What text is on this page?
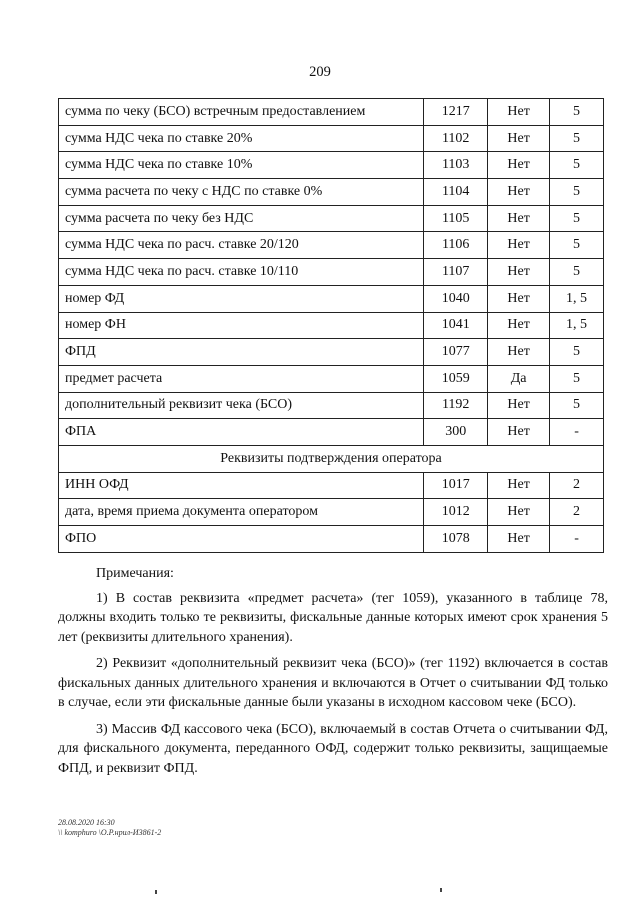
209
сумма по чеку (БСО) встречным предоставлением	1217	Нет	5
сумма НДС чека по ставке 20%	1102	Нет	5
сумма НДС чека по ставке 10%	1103	Нет	5
сумма расчета по чеку с НДС по ставке 0%	1104	Нет	5
сумма расчета по чеку без НДС	1105	Нет	5
сумма НДС чека по расч. ставке 20/120	1106	Нет	5
сумма НДС чека по расч. ставке 10/110	1107	Нет	5
номер ФД	1040	Нет	1, 5
номер ФН	1041	Нет	1, 5
ФПД	1077	Нет	5
предмет расчета	1059	Да	5
дополнительный реквизит чека (БСО)	1192	Нет	5
ФПА	300	Нет	-
Реквизиты подтверждения оператора			
ИНН ОФД	1017	Нет	2
дата, время приема документа оператором	1012	Нет	2
ФПО	1078	Нет	-

Примечания:

1) В состав реквизита «предмет расчета» (тег 1059), указанного в таблице 78, должны входить только те реквизиты, фискальные данные которых имеют срок хранения 5 лет (реквизиты длительного хранения).

2) Реквизит «дополнительный реквизит чека (БСО)» (тег 1192) включается в состав фискальных данных длительного хранения и включаются в Отчет о считывании ФД только в случае, если эти фискальные данные были указаны в исходном кассовом чеке (БСО).

3) Массив ФД кассового чека (БСО), включаемый в состав Отчета о считывании ФД, для фискального документа, переданного ОФД, содержит только реквизиты, защищаемые ФПД, и реквизит ФПД.

28.08.2020 16:30
\\ komphuro \О.Р.нрил-И3861-2
